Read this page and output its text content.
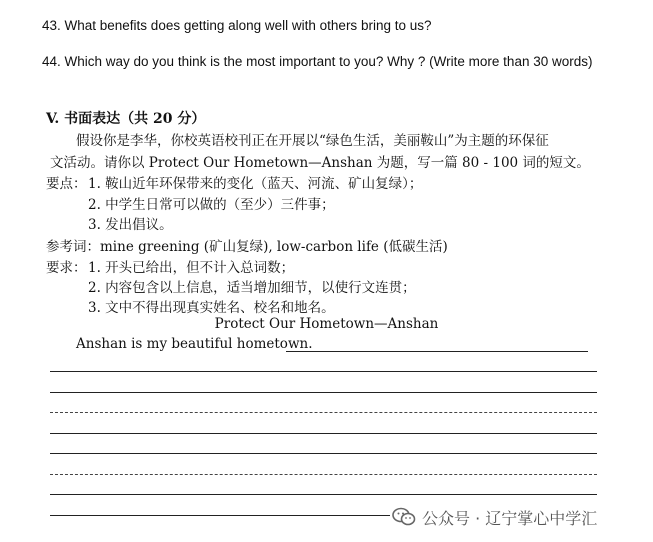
43. What benefits does getting along well with others bring to us?
44. Which way do you think is the most important to you? Why ? (Write more than 30 words)
V. 书面表达（共 20 分）
假设你是李华，你校英语校刊正在开展以“绿色生活，美丽鞍山”为主题的环保征
文活动。请你以 Protect Our Hometown—Anshan 为题，写一篇 80 - 100 词的短文。
要点： 1. 鞍山近年环保带来的变化（蓝天、河流、矿山复绿）；
2. 中学生日常可以做的（至少）三件事；
3. 发出倡议。
参考词：mine greening (矿山复绿), low-carbon life (低碳生活)
要求： 1. 开头已给出，但不计入总词数；
2. 内容包含以上信息，适当增加细节，以使行文连贯；
3. 文中不得出现真实姓名、校名和地名。
Protect Our Hometown—Anshan
Anshan is my beautiful hometown.
公众号 · 辽宁掌心中学汇
